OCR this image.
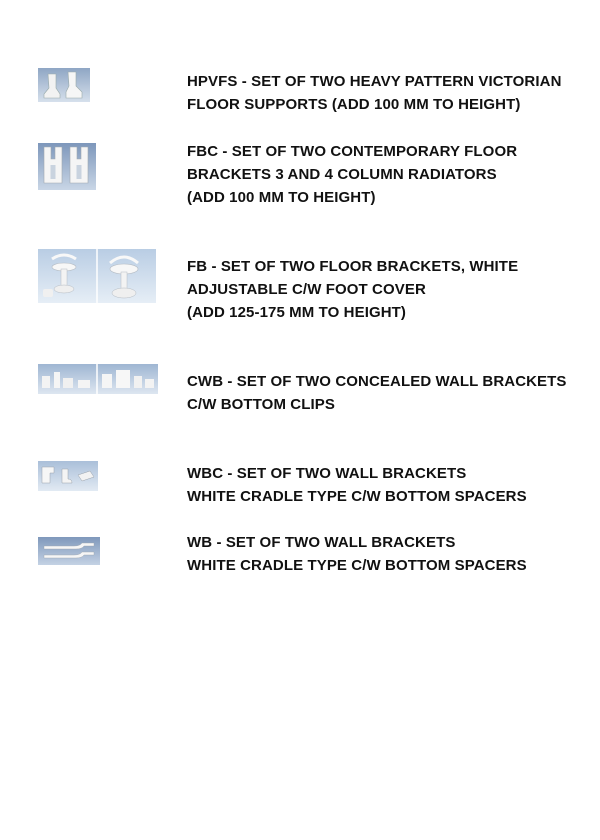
HPVFS - SET OF TWO HEAVY PATTERN VICTORIAN
FLOOR SUPPORTS (ADD 100 MM TO HEIGHT)
FBC - SET OF TWO CONTEMPORARY FLOOR
BRACKETS 3 AND 4 COLUMN RADIATORS
(ADD 100 MM TO HEIGHT)
FB - SET OF TWO FLOOR BRACKETS, WHITE
ADJUSTABLE C/W FOOT COVER
(ADD 125-175 MM TO HEIGHT)
CWB - SET OF TWO CONCEALED WALL BRACKETS
C/W BOTTOM CLIPS
WBC - SET OF TWO WALL BRACKETS
WHITE CRADLE TYPE C/W BOTTOM SPACERS
WB - SET OF TWO WALL BRACKETS
WHITE CRADLE TYPE C/W BOTTOM SPACERS
